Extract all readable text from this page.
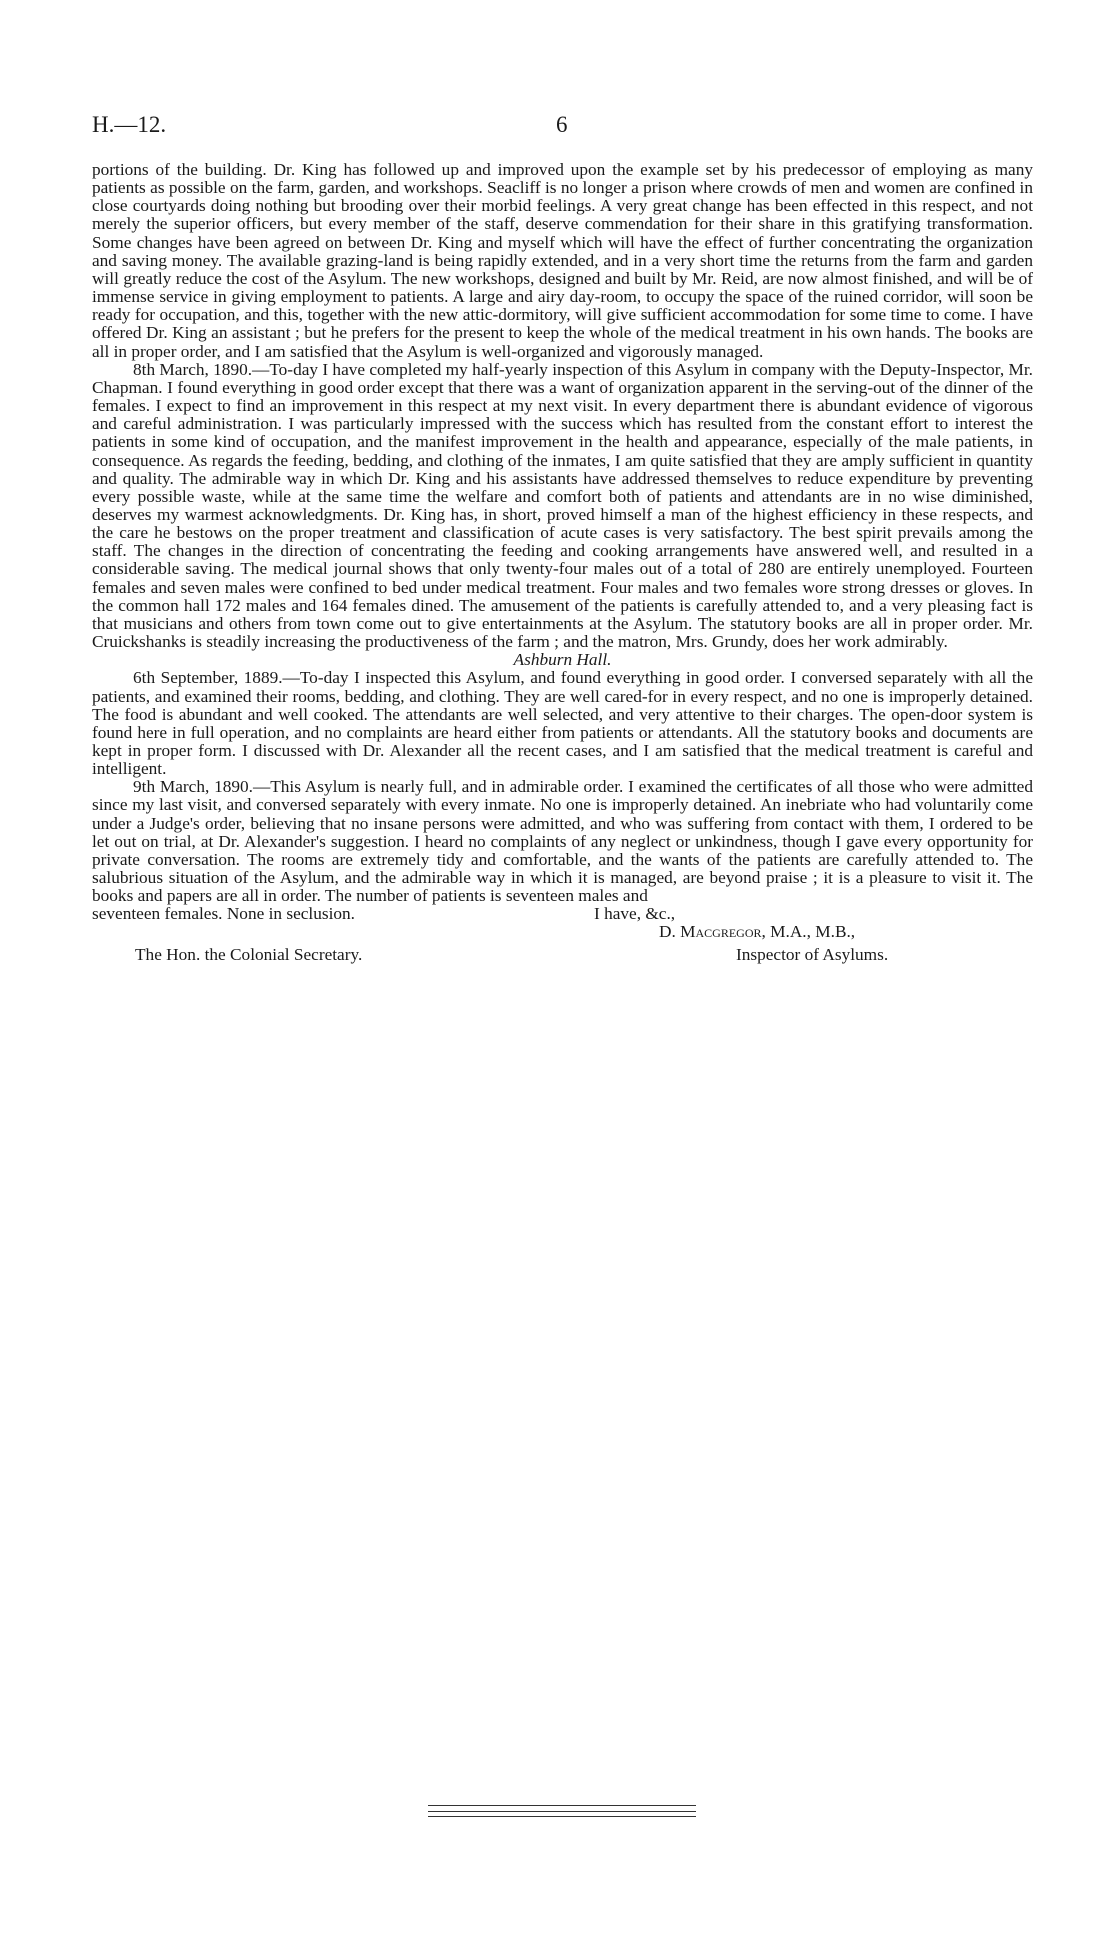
H.—12.	6

portions of the building. Dr. King has followed up and improved upon the example set by his predecessor of employing as many patients as possible on the farm, garden, and workshops. Seacliff is no longer a prison where crowds of men and women are confined in close courtyards doing nothing but brooding over their morbid feelings. A very great change has been effected in this respect, and not merely the superior officers, but every member of the staff, deserve commendation for their share in this gratifying transformation. Some changes have been agreed on between Dr. King and myself which will have the effect of further concentrating the organization and saving money. The available grazing-land is being rapidly extended, and in a very short time the returns from the farm and garden will greatly reduce the cost of the Asylum. The new workshops, designed and built by Mr. Reid, are now almost finished, and will be of immense service in giving employment to patients. A large and airy day-room, to occupy the space of the ruined corridor, will soon be ready for occupation, and this, together with the new attic-dormitory, will give sufficient accommodation for some time to come. I have offered Dr. King an assistant ; but he prefers for the present to keep the whole of the medical treatment in his own hands. The books are all in proper order, and I am satisfied that the Asylum is well-organized and vigorously managed.

8th March, 1890.—To-day I have completed my half-yearly inspection of this Asylum in company with the Deputy-Inspector, Mr. Chapman. I found everything in good order except that there was a want of organization apparent in the serving-out of the dinner of the females. I expect to find an improvement in this respect at my next visit. In every department there is abundant evidence of vigorous and careful administration. I was particularly impressed with the success which has resulted from the constant effort to interest the patients in some kind of occupation, and the manifest improvement in the health and appearance, especially of the male patients, in consequence. As regards the feeding, bedding, and clothing of the inmates, I am quite satisfied that they are amply sufficient in quantity and quality. The admirable way in which Dr. King and his assistants have addressed themselves to reduce expenditure by preventing every possible waste, while at the same time the welfare and comfort both of patients and attendants are in no wise diminished, deserves my warmest acknowledgments. Dr. King has, in short, proved himself a man of the highest efficiency in these respects, and the care he bestows on the proper treatment and classification of acute cases is very satisfactory. The best spirit prevails among the staff. The changes in the direction of concentrating the feeding and cooking arrangements have answered well, and resulted in a considerable saving. The medical journal shows that only twenty-four males out of a total of 280 are entirely unemployed. Fourteen females and seven males were confined to bed under medical treatment. Four males and two females wore strong dresses or gloves. In the common hall 172 males and 164 females dined. The amusement of the patients is carefully attended to, and a very pleasing fact is that musicians and others from town come out to give entertainments at the Asylum. The statutory books are all in proper order. Mr. Cruickshanks is steadily increasing the productiveness of the farm ; and the matron, Mrs. Grundy, does her work admirably.

Ashburn Hall.

6th September, 1889.—To-day I inspected this Asylum, and found everything in good order. I conversed separately with all the patients, and examined their rooms, bedding, and clothing. They are well cared-for in every respect, and no one is improperly detained. The food is abundant and well cooked. The attendants are well selected, and very attentive to their charges. The open-door system is found here in full operation, and no complaints are heard either from patients or attendants. All the statutory books and documents are kept in proper form. I discussed with Dr. Alexander all the recent cases, and I am satisfied that the medical treatment is careful and intelligent.

9th March, 1890.—This Asylum is nearly full, and in admirable order. I examined the certificates of all those who were admitted since my last visit, and conversed separately with every inmate. No one is improperly detained. An inebriate who had voluntarily come under a Judge's order, believing that no insane persons were admitted, and who was suffering from contact with them, I ordered to be let out on trial, at Dr. Alexander's suggestion. I heard no complaints of any neglect or unkindness, though I gave every opportunity for private conversation. The rooms are extremely tidy and comfortable, and the wants of the patients are carefully attended to. The salubrious situation of the Asylum, and the admirable way in which it is managed, are beyond praise ; it is a pleasure to visit it. The books and papers are all in order. The number of patients is seventeen males and

seventeen females. None in seclusion.	I have, &c.,
D. Macgregor, M.A., M.B.,
The Hon. the Colonial Secretary.	Inspector of Asylums.
